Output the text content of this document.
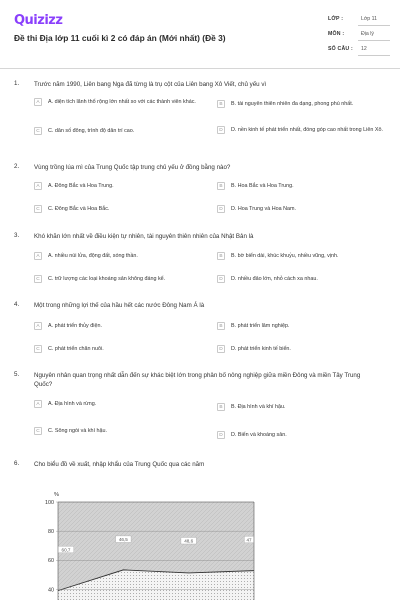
Quizizz
Đề thi Địa lớp 11 cuối kì 2 có đáp án (Mới nhất) (Đề 3)
LỚP :	Lớp 11
MÔN :	Địa lý
SỐ CÂU : 12
1. Trước năm 1990, Liên bang Nga đã từng là trụ cột của Liên bang Xô Viết, chủ yếu vì
A	A. diện tích lãnh thổ rộng lớn nhất so với các thành viên khác.	B	B. tài nguyên thiên nhiên đa dạng, phong phú nhất.
C	C. dân số đông, trình độ dân trí cao.	D	D. nền kinh tế phát triển nhất, đóng góp cao nhất trong Liên Xô.
2. Vùng trồng lúa mì của Trung Quốc tập trung chủ yếu ở đồng bằng nào?
A	A. Đông Bắc và Hoa Trung.	B	B. Hoa Bắc và Hoa Trung.
C	C. Đông Bắc và Hoa Bắc.	D	D. Hoa Trung và Hoa Nam.
3. Khó khăn lớn nhất về điều kiện tự nhiên, tài nguyên thiên nhiên của Nhật Bản là
A	A. nhiều núi lửa, động đất, sóng thần.	B	B. bờ biển dài, khúc khuỷu, nhiều vũng, vịnh.
C	C. trữ lượng các loại khoáng sản không đáng kể.	D	D. nhiều đảo lớn, nhỏ cách xa nhau.
4. Một trong những lợi thế của hầu hết các nước Đông Nam Á là
A	A. phát triển thủy điện.	B	B. phát triển lâm nghiệp.
C	C. phát triển chăn nuôi.	D	D. phát triển kinh tế biển.
5. Nguyên nhân quan trọng nhất dẫn đến sự khác biệt lớn trong phân bố nông nghiệp giữa miền Đông và miền Tây Trung Quốc?
A	A. Địa hình và rừng.
B	B. Địa hình và khí hậu.
C	C. Sông ngòi và khí hậu.
D	D. Biển và khoáng sản.
6. Cho biểu đồ về xuất, nhập khẩu của Trung Quốc qua các năm
40
60
80
100
%
60,7
46,5	48,6	47
